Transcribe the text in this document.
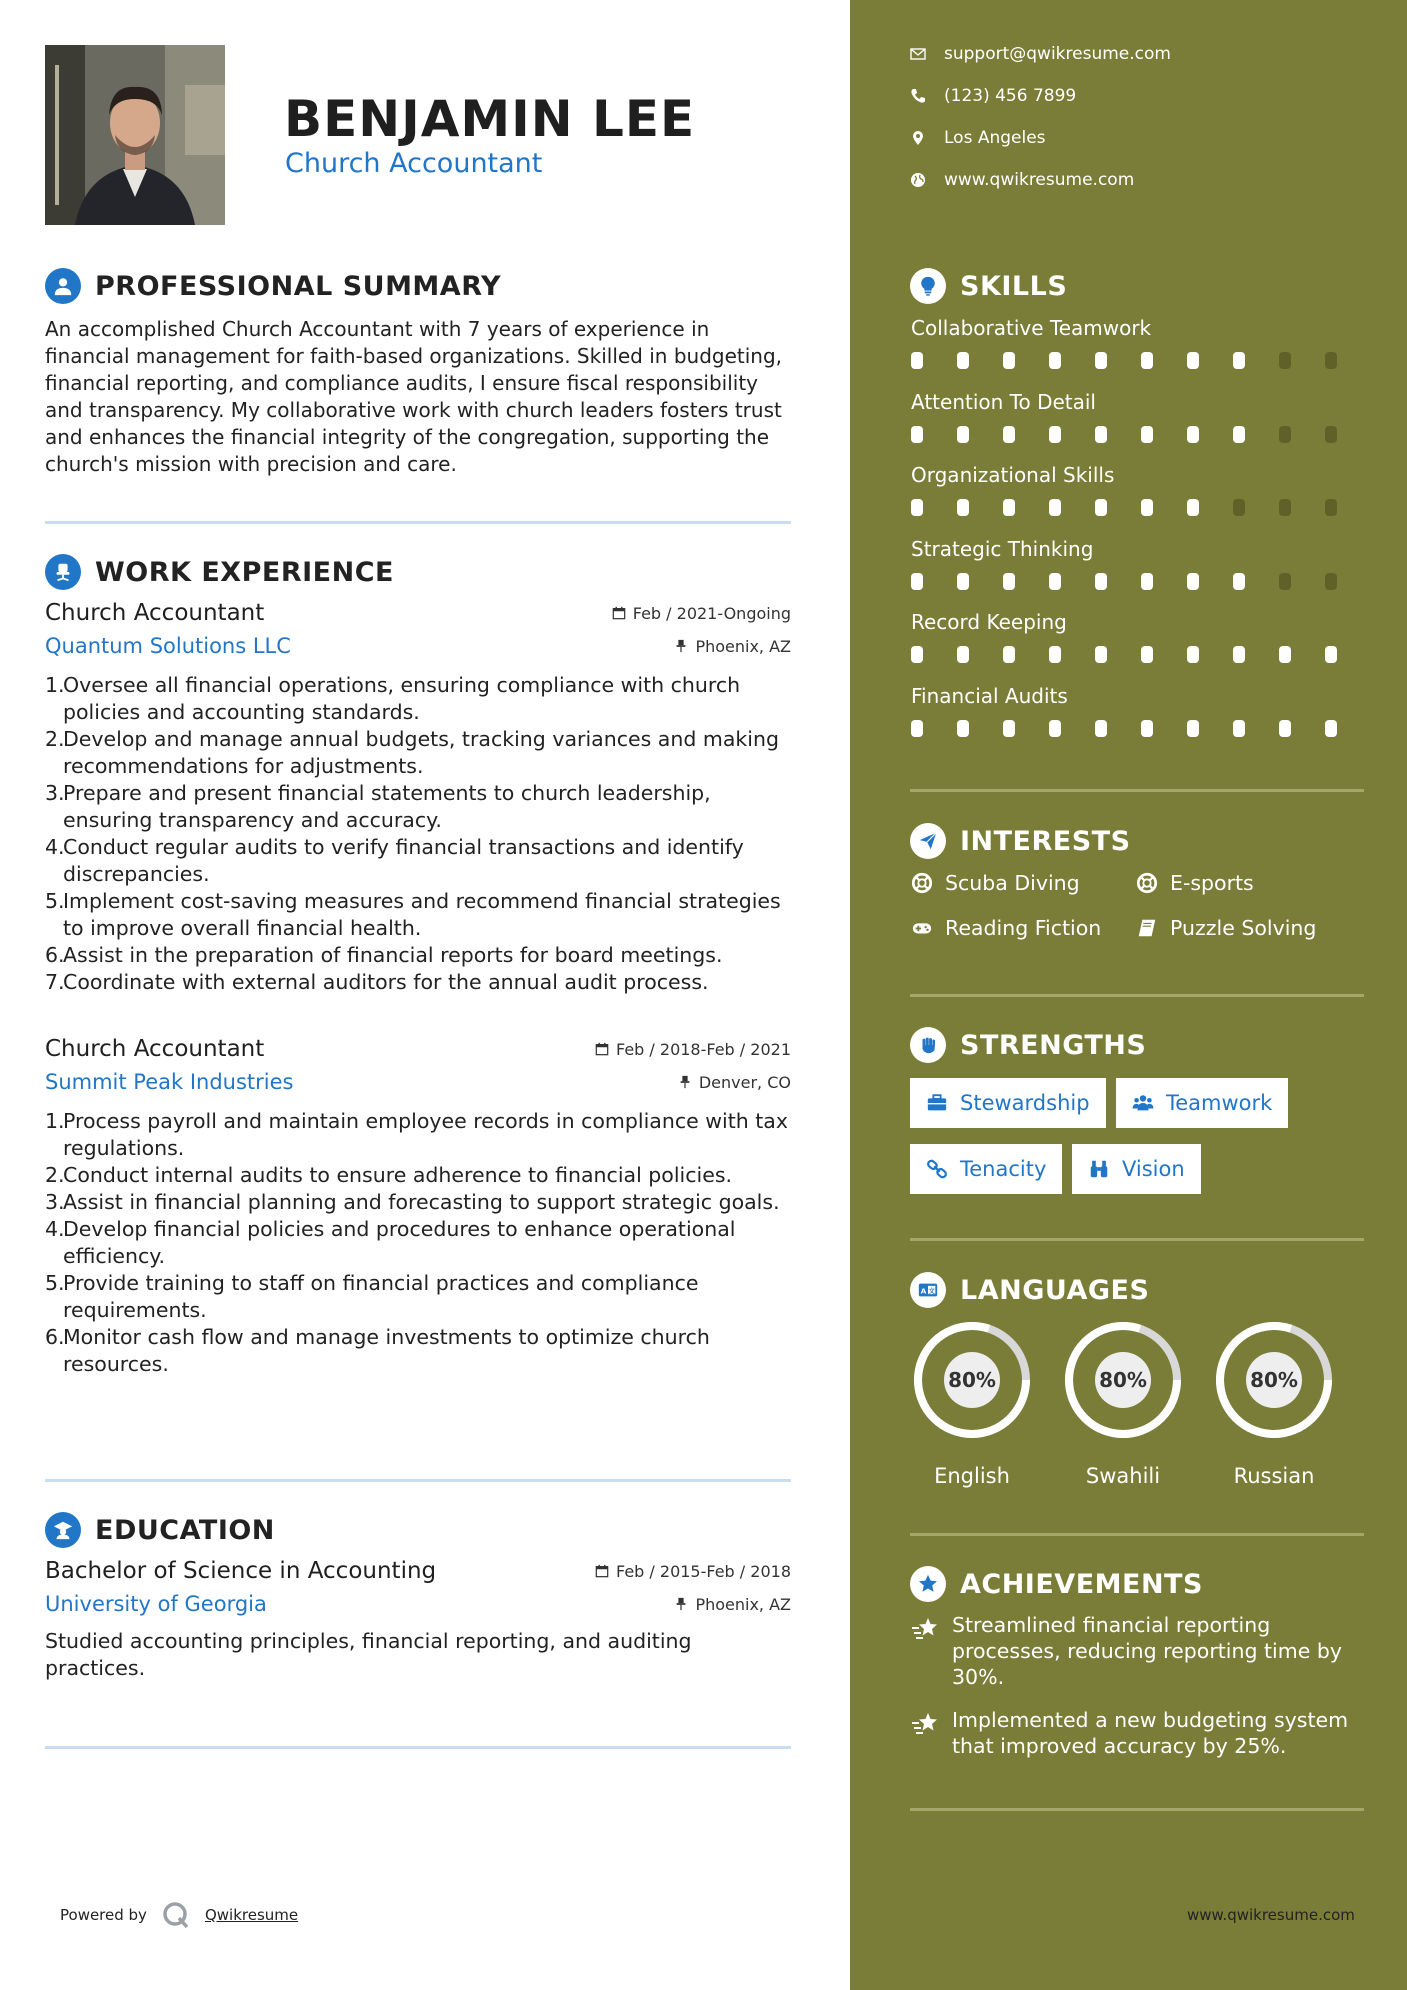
BENJAMIN LEE
Church Accountant
PROFESSIONAL SUMMARY
An accomplished Church Accountant with 7 years of experience in financial management for faith-based organizations. Skilled in budgeting, financial reporting, and compliance audits, I ensure fiscal responsibility and transparency. My collaborative work with church leaders fosters trust and enhances the financial integrity of the congregation, supporting the church's mission with precision and care.
WORK EXPERIENCE
Church Accountant	Feb / 2021-Ongoing
Quantum Solutions LLC	Phoenix, AZ
1.
Oversee all financial operations, ensuring compliance with church policies and accounting standards.
2.
Develop and manage annual budgets, tracking variances and making recommendations for adjustments.
3.
Prepare and present financial statements to church leadership, ensuring transparency and accuracy.
4.
Conduct regular audits to verify financial transactions and identify discrepancies.
5.
Implement cost-saving measures and recommend financial strategies to improve overall financial health.
6.
Assist in the preparation of financial reports for board meetings.
7.
Coordinate with external auditors for the annual audit process.
Church Accountant	Feb / 2018-Feb / 2021
Summit Peak Industries	Denver, CO
1.
Process payroll and maintain employee records in compliance with tax regulations.
2.
Conduct internal audits to ensure adherence to financial policies.
3.
Assist in financial planning and forecasting to support strategic goals.
4.
Develop financial policies and procedures to enhance operational efficiency.
5.
Provide training to staff on financial practices and compliance requirements.
6.
Monitor cash flow and manage investments to optimize church resources.
EDUCATION
Bachelor of Science in Accounting	Feb / 2015-Feb / 2018
University of Georgia	Phoenix, AZ
Studied accounting principles, financial reporting, and auditing practices.
Powered by	Qwikresume
support@qwikresume.com
(123) 456 7899
Los Angeles
www.qwikresume.com
SKILLS
Collaborative Teamwork
Attention To Detail
Organizational Skills
Strategic Thinking
Record Keeping
Financial Audits
INTERESTS
Scuba Diving	E-sports
Reading Fiction	Puzzle Solving
STRENGTHS
Stewardship	Teamwork
Tenacity	Vision
A 文 LANGUAGES
80%
English
80%
Swahili
80%
Russian
ACHIEVEMENTS
Streamlined financial reporting processes, reducing reporting time by 30%.
Implemented a new budgeting system that improved accuracy by 25%.
www.qwikresume.com
